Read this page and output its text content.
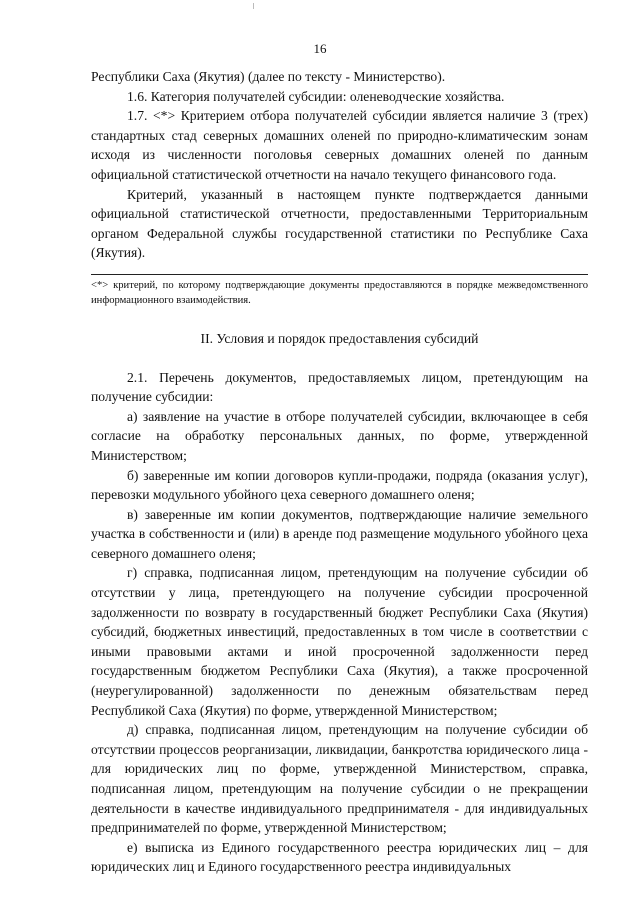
16

Республики Саха (Якутия) (далее по тексту - Министерство).

1.6. Категория получателей субсидии: оленеводческие хозяйства.

1.7. <*> Критерием отбора получателей субсидии является наличие 3 (трех) стандартных стад северных домашних оленей по природно-климатическим зонам исходя из численности поголовья северных домашних оленей по данным официальной статистической отчетности на начало текущего финансового года.

Критерий, указанный в настоящем пункте подтверждается данными официальной статистической отчетности, предоставленными Территориальным органом Федеральной службы государственной статистики по Республике Саха (Якутия).

<*> критерий, по которому подтверждающие документы предоставляются в порядке межведомственного информационного взаимодействия.

II. Условия и порядок предоставления субсидий

2.1. Перечень документов, предоставляемых лицом, претендующим на получение субсидии:

а) заявление на участие в отборе получателей субсидии, включающее в себя согласие на обработку персональных данных, по форме, утвержденной Министерством;

б) заверенные им копии договоров купли-продажи, подряда (оказания услуг), перевозки модульного убойного цеха северного домашнего оленя;

в) заверенные им копии документов, подтверждающие наличие земельного участка в собственности и (или) в аренде под размещение модульного убойного цеха северного домашнего оленя;

г) справка, подписанная лицом, претендующим на получение субсидии об отсутствии у лица, претендующего на получение субсидии просроченной задолженности по возврату в государственный бюджет Республики Саха (Якутия) субсидий, бюджетных инвестиций, предоставленных в том числе в соответствии с иными правовыми актами и иной просроченной задолженности перед государственным бюджетом Республики Саха (Якутия), а также просроченной (неурегулированной) задолженности по денежным обязательствам перед Республикой Саха (Якутия) по форме, утвержденной Министерством;

д) справка, подписанная лицом, претендующим на получение субсидии об отсутствии процессов реорганизации, ликвидации, банкротства юридического лица - для юридических лиц по форме, утвержденной Министерством, справка, подписанная лицом, претендующим на получение субсидии о не прекращении деятельности в качестве индивидуального предпринимателя - для индивидуальных предпринимателей по форме, утвержденной Министерством;

е) выписка из Единого государственного реестра юридических лиц – для юридических лиц и Единого государственного реестра индивидуальных
